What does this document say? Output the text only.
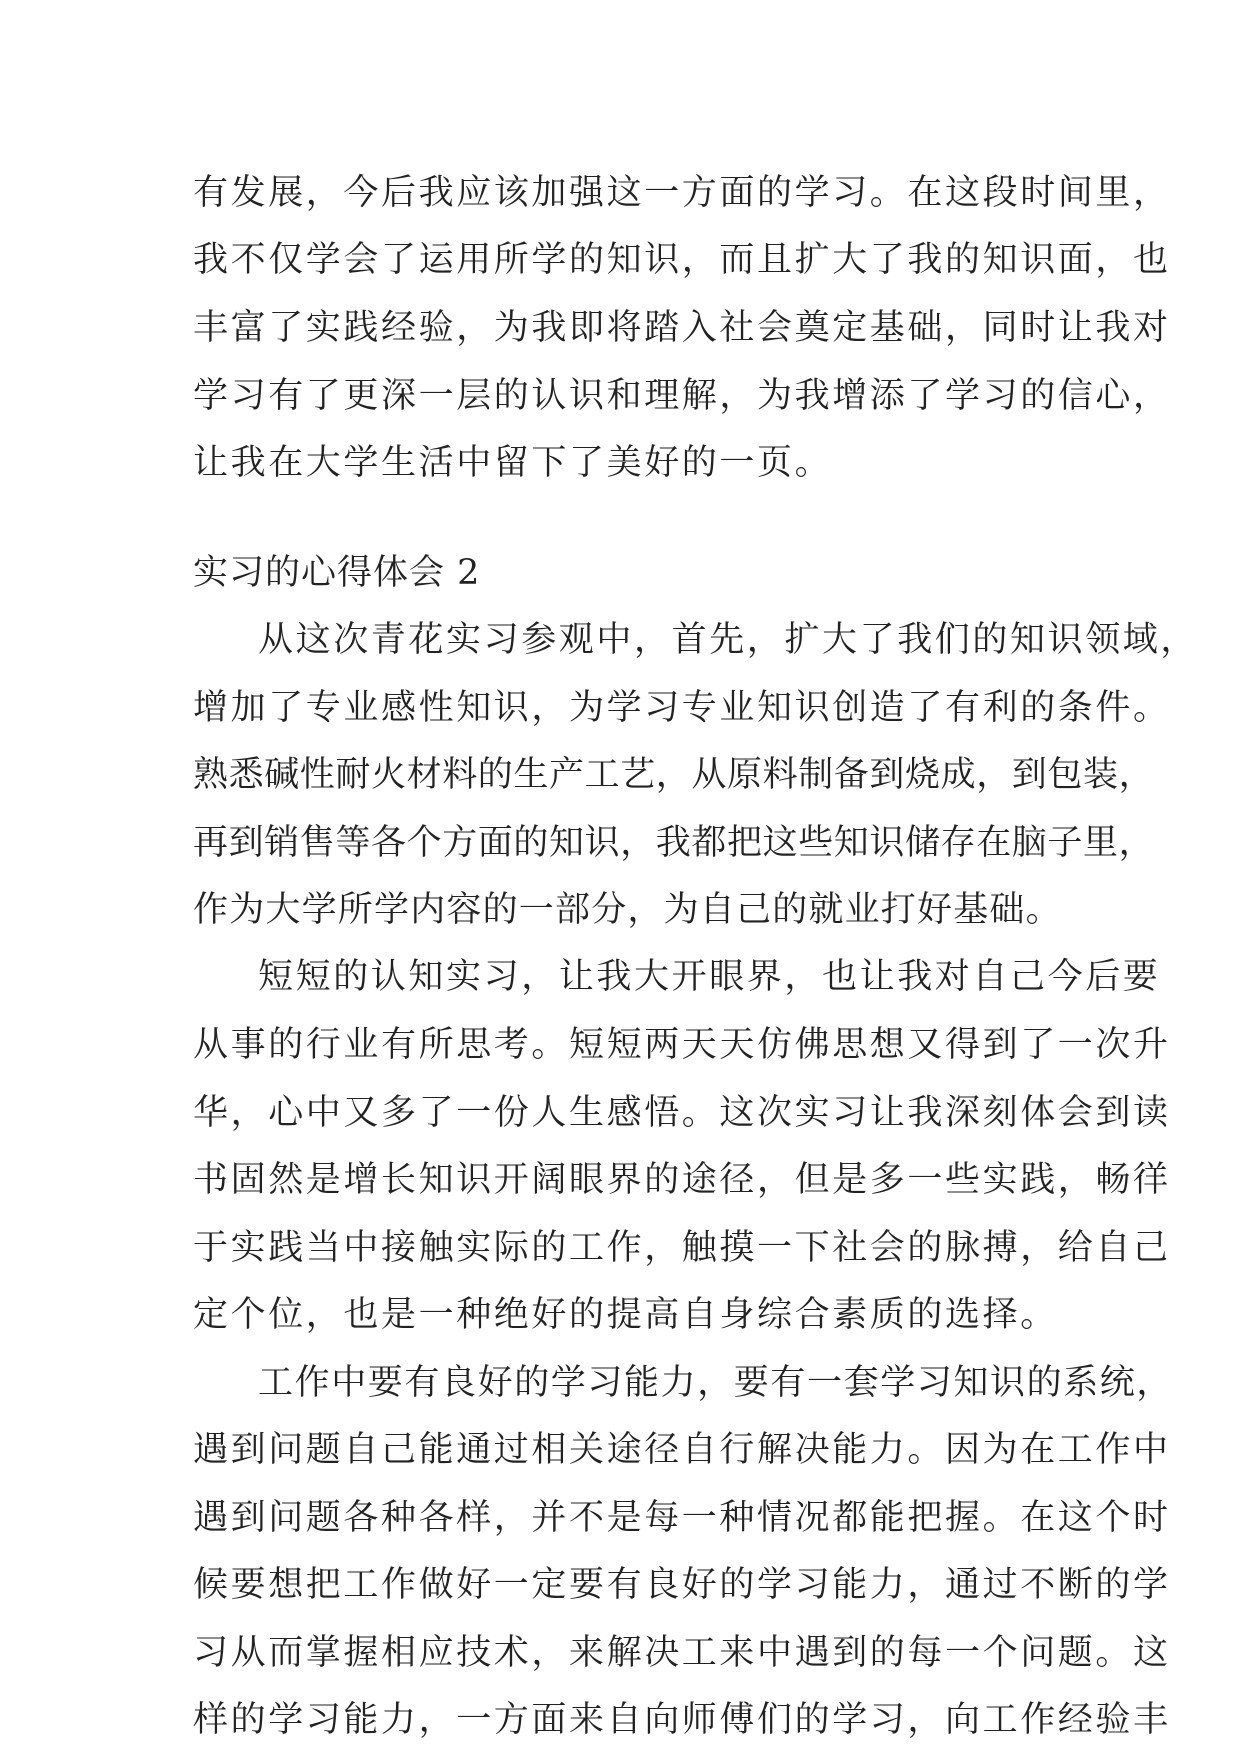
有发展，今后我应该加强这一方面的学习。在这段时间里，

我不仅学会了运用所学的知识，而且扩大了我的知识面，也

丰富了实践经验，为我即将踏入社会奠定基础，同时让我对

学习有了更深一层的认识和理解，为我增添了学习的信心，

让我在大学生活中留下了美好的一页。

实习的心得体会 2

从这次青花实习参观中，首先，扩大了我们的知识领域，

增加了专业感性知识，为学习专业知识创造了有利的条件。

熟悉碱性耐火材料的生产工艺，从原料制备到烧成，到包装，

再到销售等各个方面的知识，我都把这些知识储存在脑子里，

作为大学所学内容的一部分，为自己的就业打好基础。

短短的认知实习，让我大开眼界，也让我对自己今后要

从事的行业有所思考。短短两天天仿佛思想又得到了一次升

华，心中又多了一份人生感悟。这次实习让我深刻体会到读

书固然是增长知识开阔眼界的途径，但是多一些实践，畅徉

于实践当中接触实际的工作，触摸一下社会的脉搏，给自己

定个位，也是一种绝好的提高自身综合素质的选择。

工作中要有良好的学习能力，要有一套学习知识的系统，

遇到问题自己能通过相关途径自行解决能力。因为在工作中

遇到问题各种各样，并不是每一种情况都能把握。在这个时

候要想把工作做好一定要有良好的学习能力，通过不断的学

习从而掌握相应技术，来解决工来中遇到的每一个问题。这

样的学习能力，一方面来自向师傅们的学习，向工作经验丰
